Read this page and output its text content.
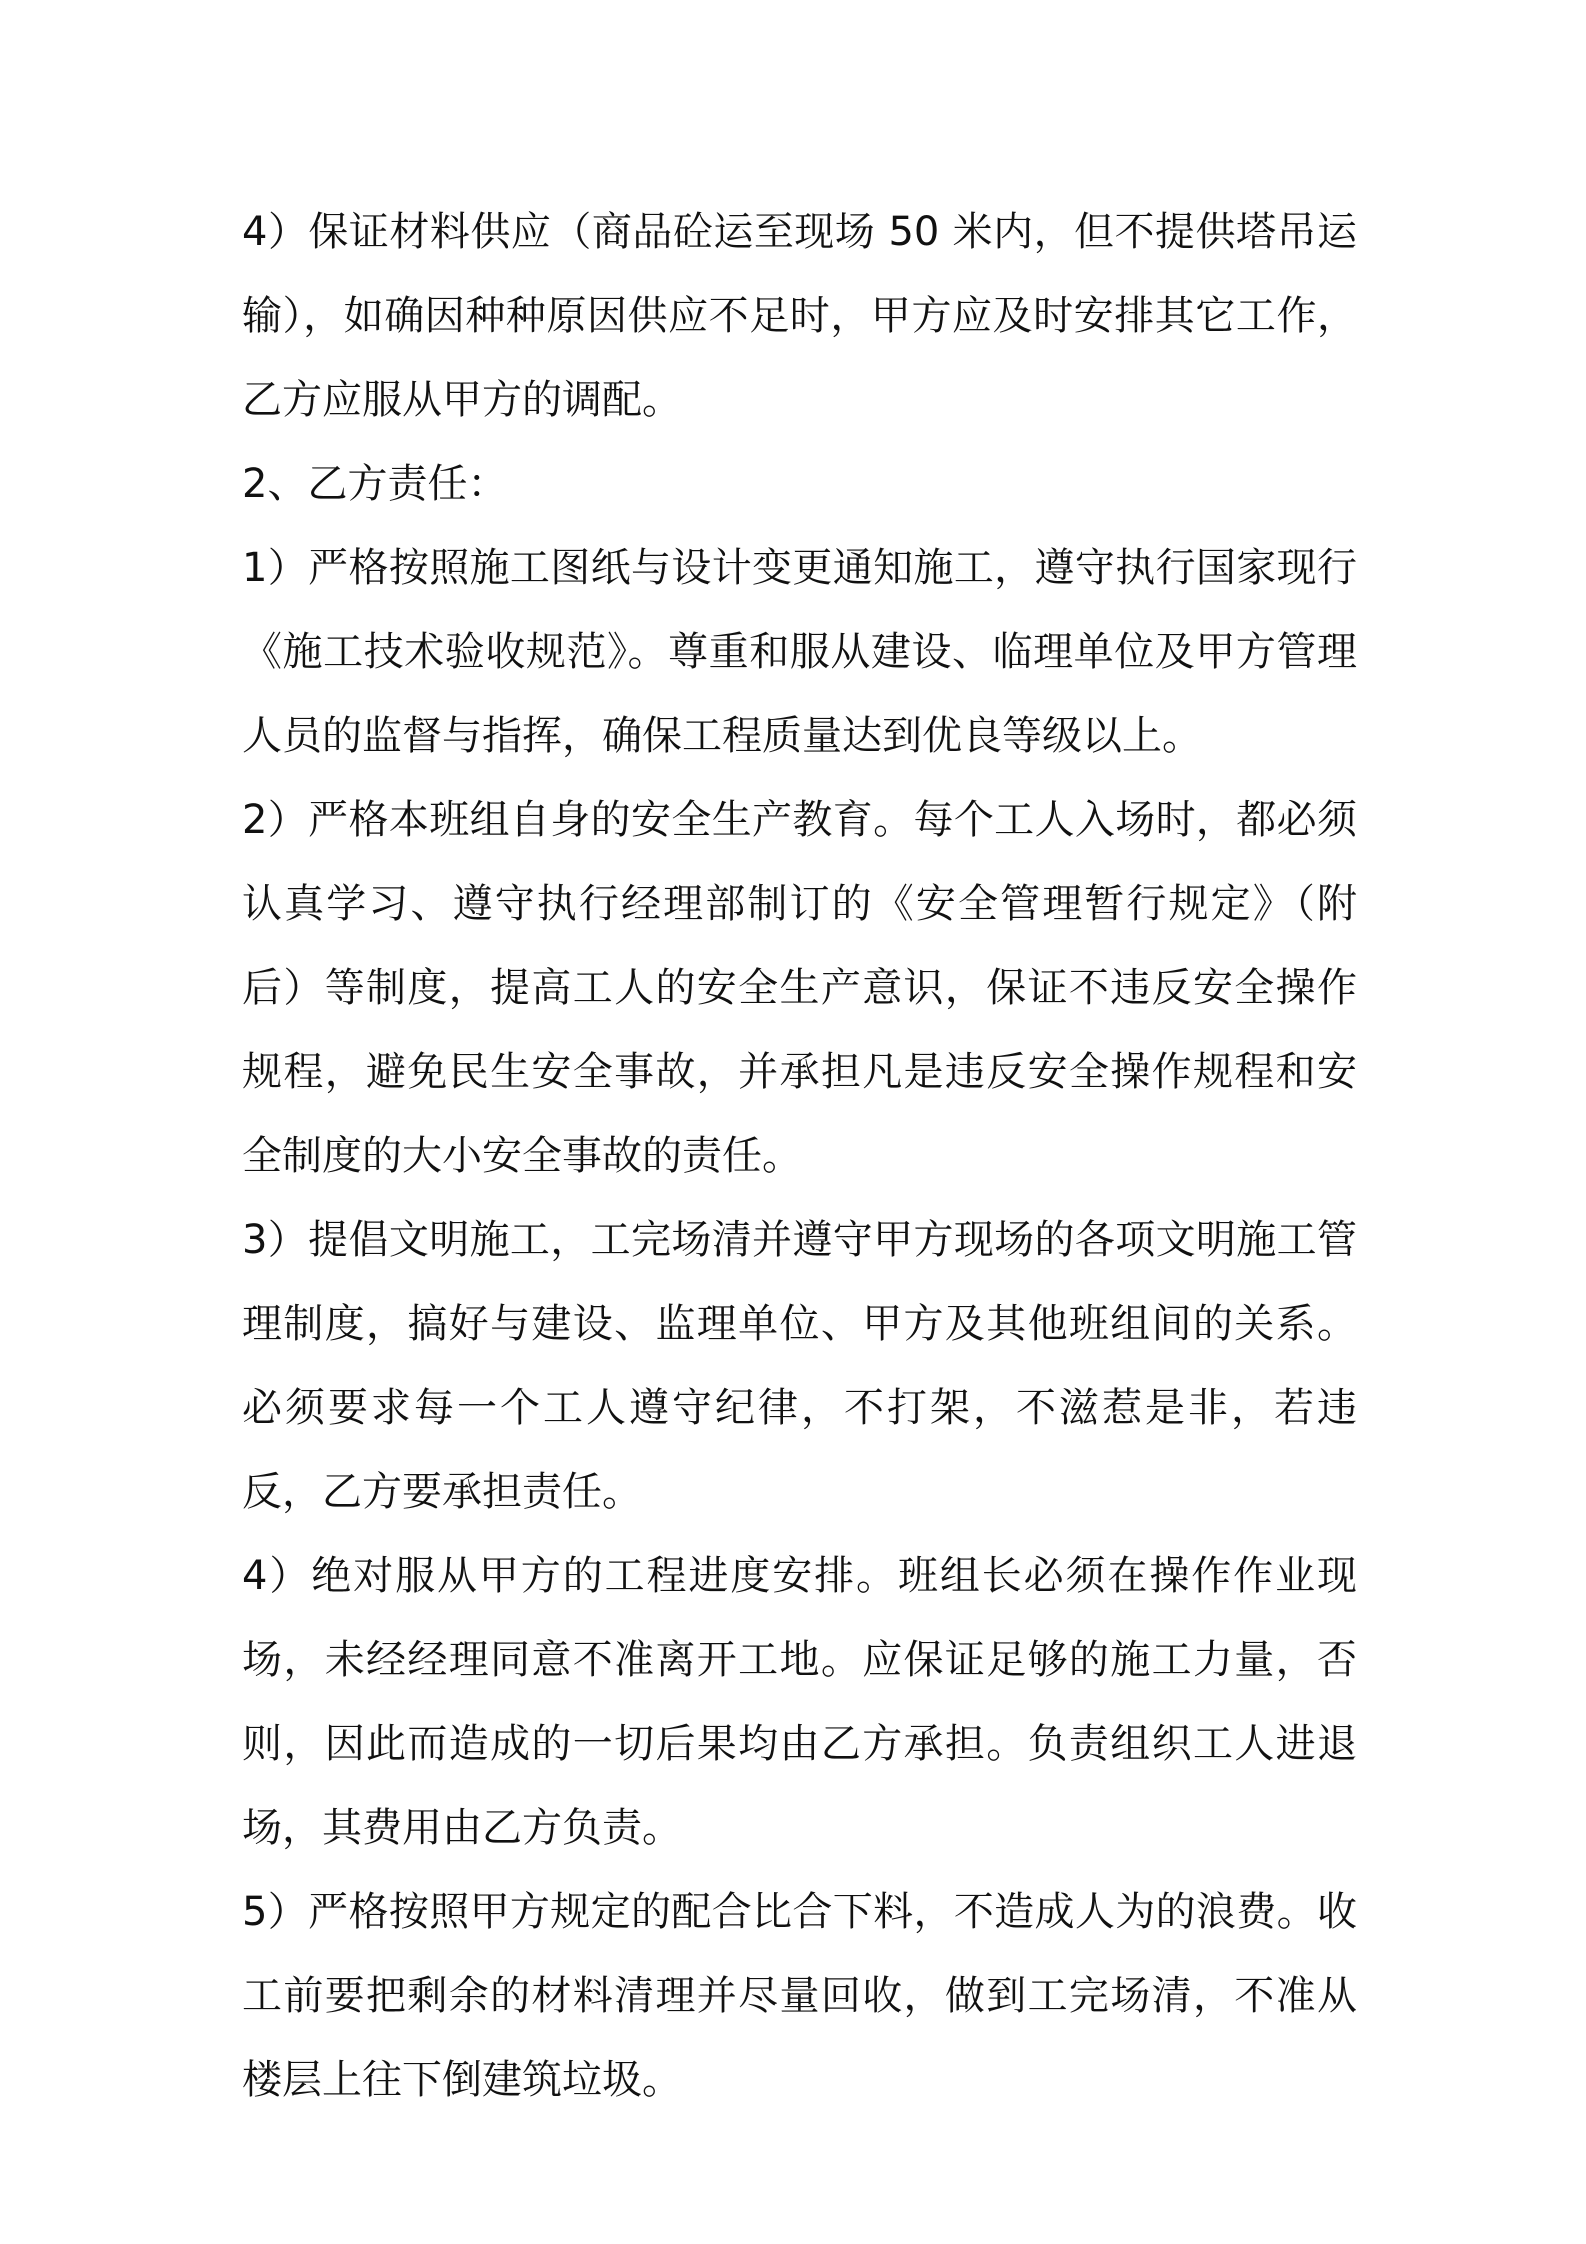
4）保证材料供应（商品砼运至现场 50 米内，但不提供塔吊运输），如确因种种原因供应不足时，甲方应及时安排其它工作，乙方应服从甲方的调配。

2、乙方责任：

1）严格按照施工图纸与设计变更通知施工，遵守执行国家现行《施工技术验收规范》。尊重和服从建设、临理单位及甲方管理人员的监督与指挥，确保工程质量达到优良等级以上。

2）严格本班组自身的安全生产教育。每个工人入场时，都必须认真学习、遵守执行经理部制订的《安全管理暂行规定》（附后）等制度，提高工人的安全生产意识，保证不违反安全操作规程，避免民生安全事故，并承担凡是违反安全操作规程和安全制度的大小安全事故的责任。

3）提倡文明施工，工完场清并遵守甲方现场的各项文明施工管理制度，搞好与建设、监理单位、甲方及其他班组间的关系。必须要求每一个工人遵守纪律，不打架，不滋惹是非，若违反，乙方要承担责任。

4）绝对服从甲方的工程进度安排。班组长必须在操作作业现场，未经经理同意不准离开工地。应保证足够的施工力量，否则，因此而造成的一切后果均由乙方承担。负责组织工人进退场，其费用由乙方负责。

5）严格按照甲方规定的配合比合下料，不造成人为的浪费。收工前要把剩余的材料清理并尽量回收，做到工完场清，不准从楼层上往下倒建筑垃圾。
